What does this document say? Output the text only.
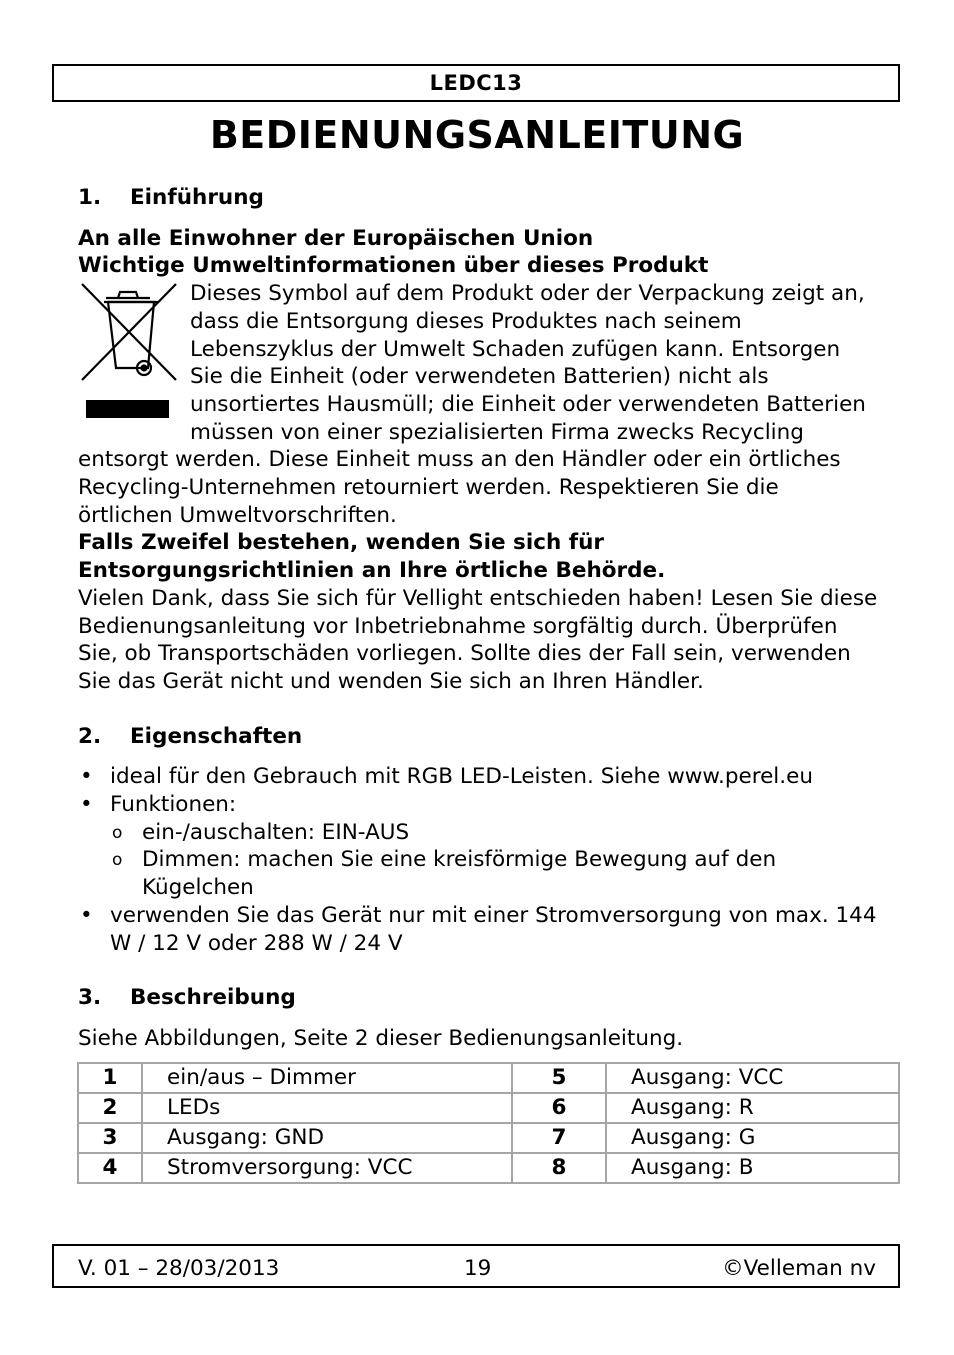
LEDC13
BEDIENUNGSANLEITUNG
1.	Einführung

An alle Einwohner der Europäischen Union

Wichtige Umweltinformationen über dieses Produkt

Dieses Symbol auf dem Produkt oder der Verpackung zeigt an, dass die Entsorgung dieses Produktes nach seinem Lebenszyklus der Umwelt Schaden zufügen kann. Entsorgen Sie die Einheit (oder verwendeten Batterien) nicht als unsortiertes Hausmüll; die Einheit oder verwendeten Batterien müssen von einer spezialisierten Firma zwecks Recycling entsorgt werden. Diese Einheit muss an den Händler oder ein örtliches Recycling-Unternehmen retourniert werden. Respektieren Sie die örtlichen Umweltvorschriften.

Falls Zweifel bestehen, wenden Sie sich für Entsorgungsrichtlinien an Ihre örtliche Behörde.

Vielen Dank, dass Sie sich für Vellight entschieden haben! Lesen Sie diese Bedienungsanleitung vor Inbetriebnahme sorgfältig durch. Überprüfen Sie, ob Transportschäden vorliegen. Sollte dies der Fall sein, verwenden Sie das Gerät nicht und wenden Sie sich an Ihren Händler.

2.	Eigenschaften
• ideal für den Gebrauch mit RGB LED-Leisten. Siehe www.perel.eu
• Funktionen:
o ein-/auschalten: EIN-AUS
o Dimmen: machen Sie eine kreisförmige Bewegung auf den Kügelchen
• verwenden Sie das Gerät nur mit einer Stromversorgung von max. 144 W / 12 V oder 288 W / 24 V
3.	Beschreibung

Siehe Abbildungen, Seite 2 dieser Bedienungsanleitung.

1	ein/aus – Dimmer	5	Ausgang: VCC
2	LEDs	6	Ausgang: R
3	Ausgang: GND	7	Ausgang: G
4	Stromversorgung: VCC	8	Ausgang: B
V. 01 – 28/03/2013	19	©Velleman nv
